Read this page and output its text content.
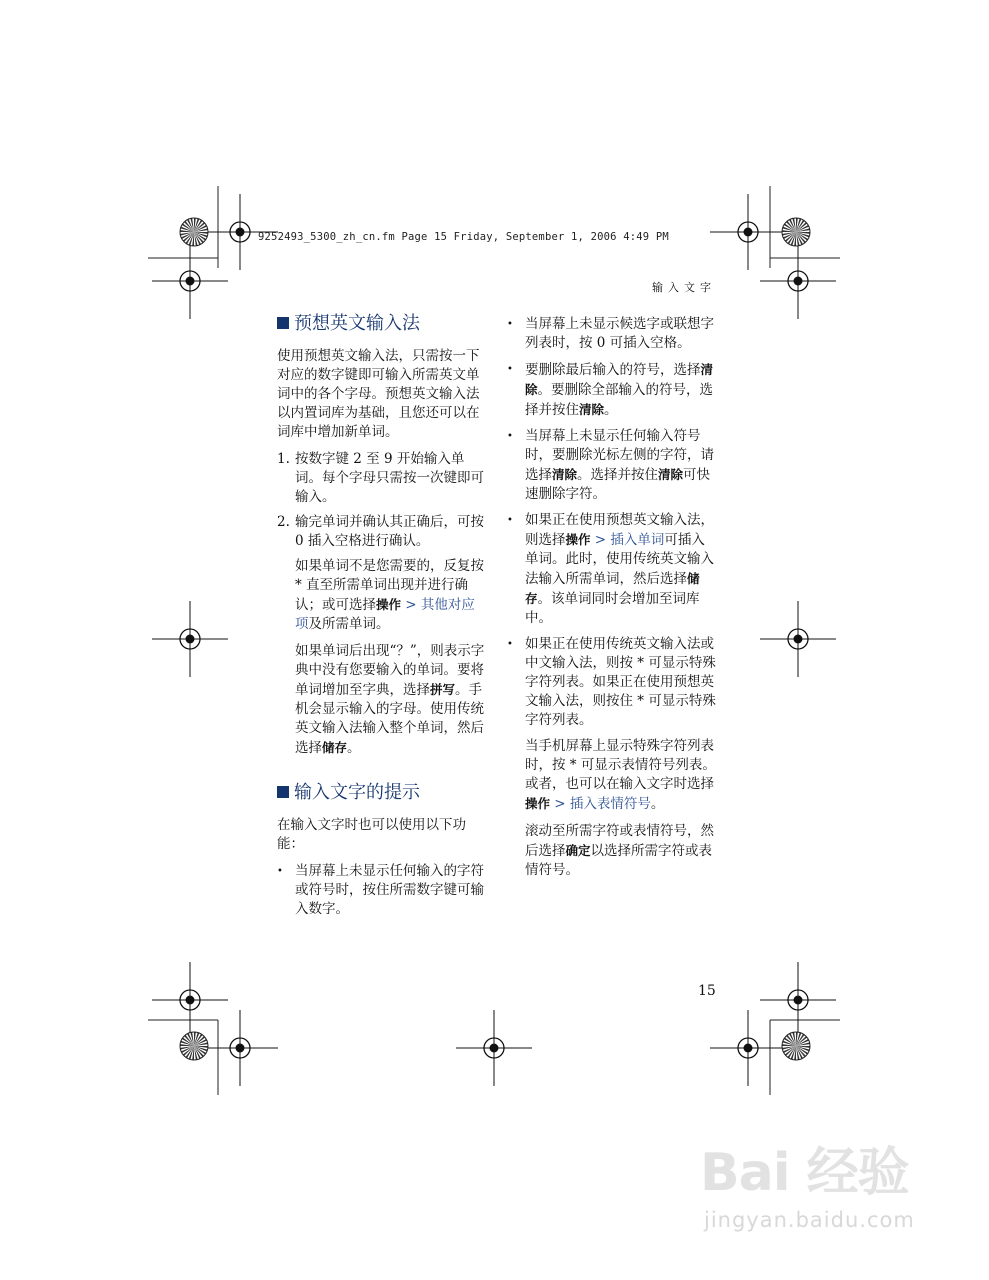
9252493_5300_zh_cn.fm Page 15 Friday, September 1, 2006 4:49 PM
输入文字
预想英文输入法

使用预想英文输入法，只需按一下对应的数字键即可输入所需英文单词中的各个字母。预想英文输入法以内置词库为基础，且您还可以在词库中增加新单词。

1. 按数字键 2 至 9 开始输入单词。每个字母只需按一次键即可输入。
2. 输完单词并确认其正确后，可按 0 插入空格进行确认。

如果单词不是您需要的，反复按 * 直至所需单词出现并进行确认；或可选择操作 > 其他对应项及所需单词。

如果单词后出现“？”，则表示字典中没有您要输入的单词。要将单词增加至字典，选择拼写。手机会显示输入的字母。使用传统英文输入法输入整个单词，然后选择储存。

输入文字的提示

在输入文字时也可以使用以下功能：

• 当屏幕上未显示任何输入的字符或符号时，按住所需数字键可输入数字。
• 当屏幕上未显示候选字或联想字列表时，按 0 可插入空格。
• 要删除最后输入的符号，选择清除。要删除全部输入的符号，选择并按住清除。
• 当屏幕上未显示任何输入符号时，要删除光标左侧的字符，请选择清除。选择并按住清除可快速删除字符。
• 如果正在使用预想英文输入法，则选择操作 > 插入单词可插入单词。此时，使用传统英文输入法输入所需单词，然后选择储存。该单词同时会增加至词库中。
• 如果正在使用传统英文输入法或中文输入法，则按 * 可显示特殊字符列表。如果正在使用预想英文输入法，则按住 * 可显示特殊字符列表。

当手机屏幕上显示特殊字符列表时，按 * 可显示表情符号列表。或者，也可以在输入文字时选择操作 > 插入表情符号。

滚动至所需字符或表情符号，然后选择确定以选择所需字符或表情符号。

15
Bai 经验
jingyan.baidu.com
